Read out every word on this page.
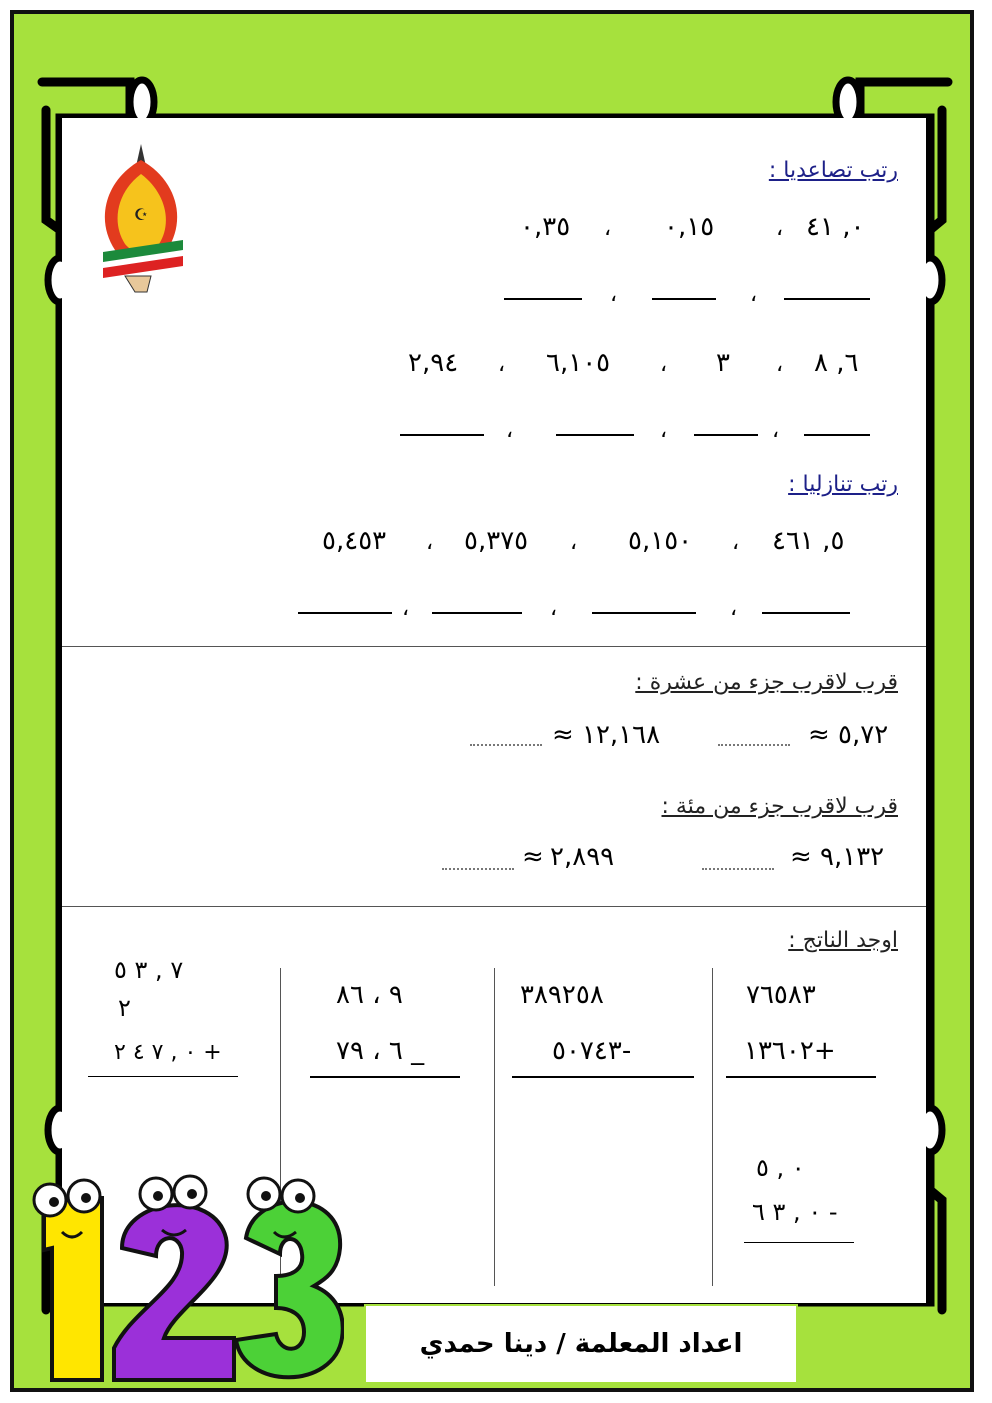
☪
رتب تصاعديا :
٠, ٤١
،
٠,١٥
،
٠,٣٥
،
،
٦, ٨
،
٣
،
٦,١٠٥
،
٢,٩٤
،
،
،
رتب تنازليا :
٥, ٤٦١
،
٥,١٥٠
،
٥,٣٧٥
،
٥,٤٥٣
،
،
،
قرب لاقرب جزء من عشرة :
٥,٧٢
≈
١٢,١٦٨
≈
قرب لاقرب جزء من مئة :
٩,١٣٢
≈
٢,٨٩٩
≈
اوجد الناتج :
٧٦٥٨٣
+١٣٦٠٢
٣٨٩٢٥٨
-٥٠٧٤٣
٩ ، ٨٦
_ ٦ ، ٧٩
٧ , ٣ ٥
٢
+ ٠ , ٧ ٤ ٢
٠ , ٥
- ٠ , ٣ ٦
اعداد المعلمة / دينا حمدي
